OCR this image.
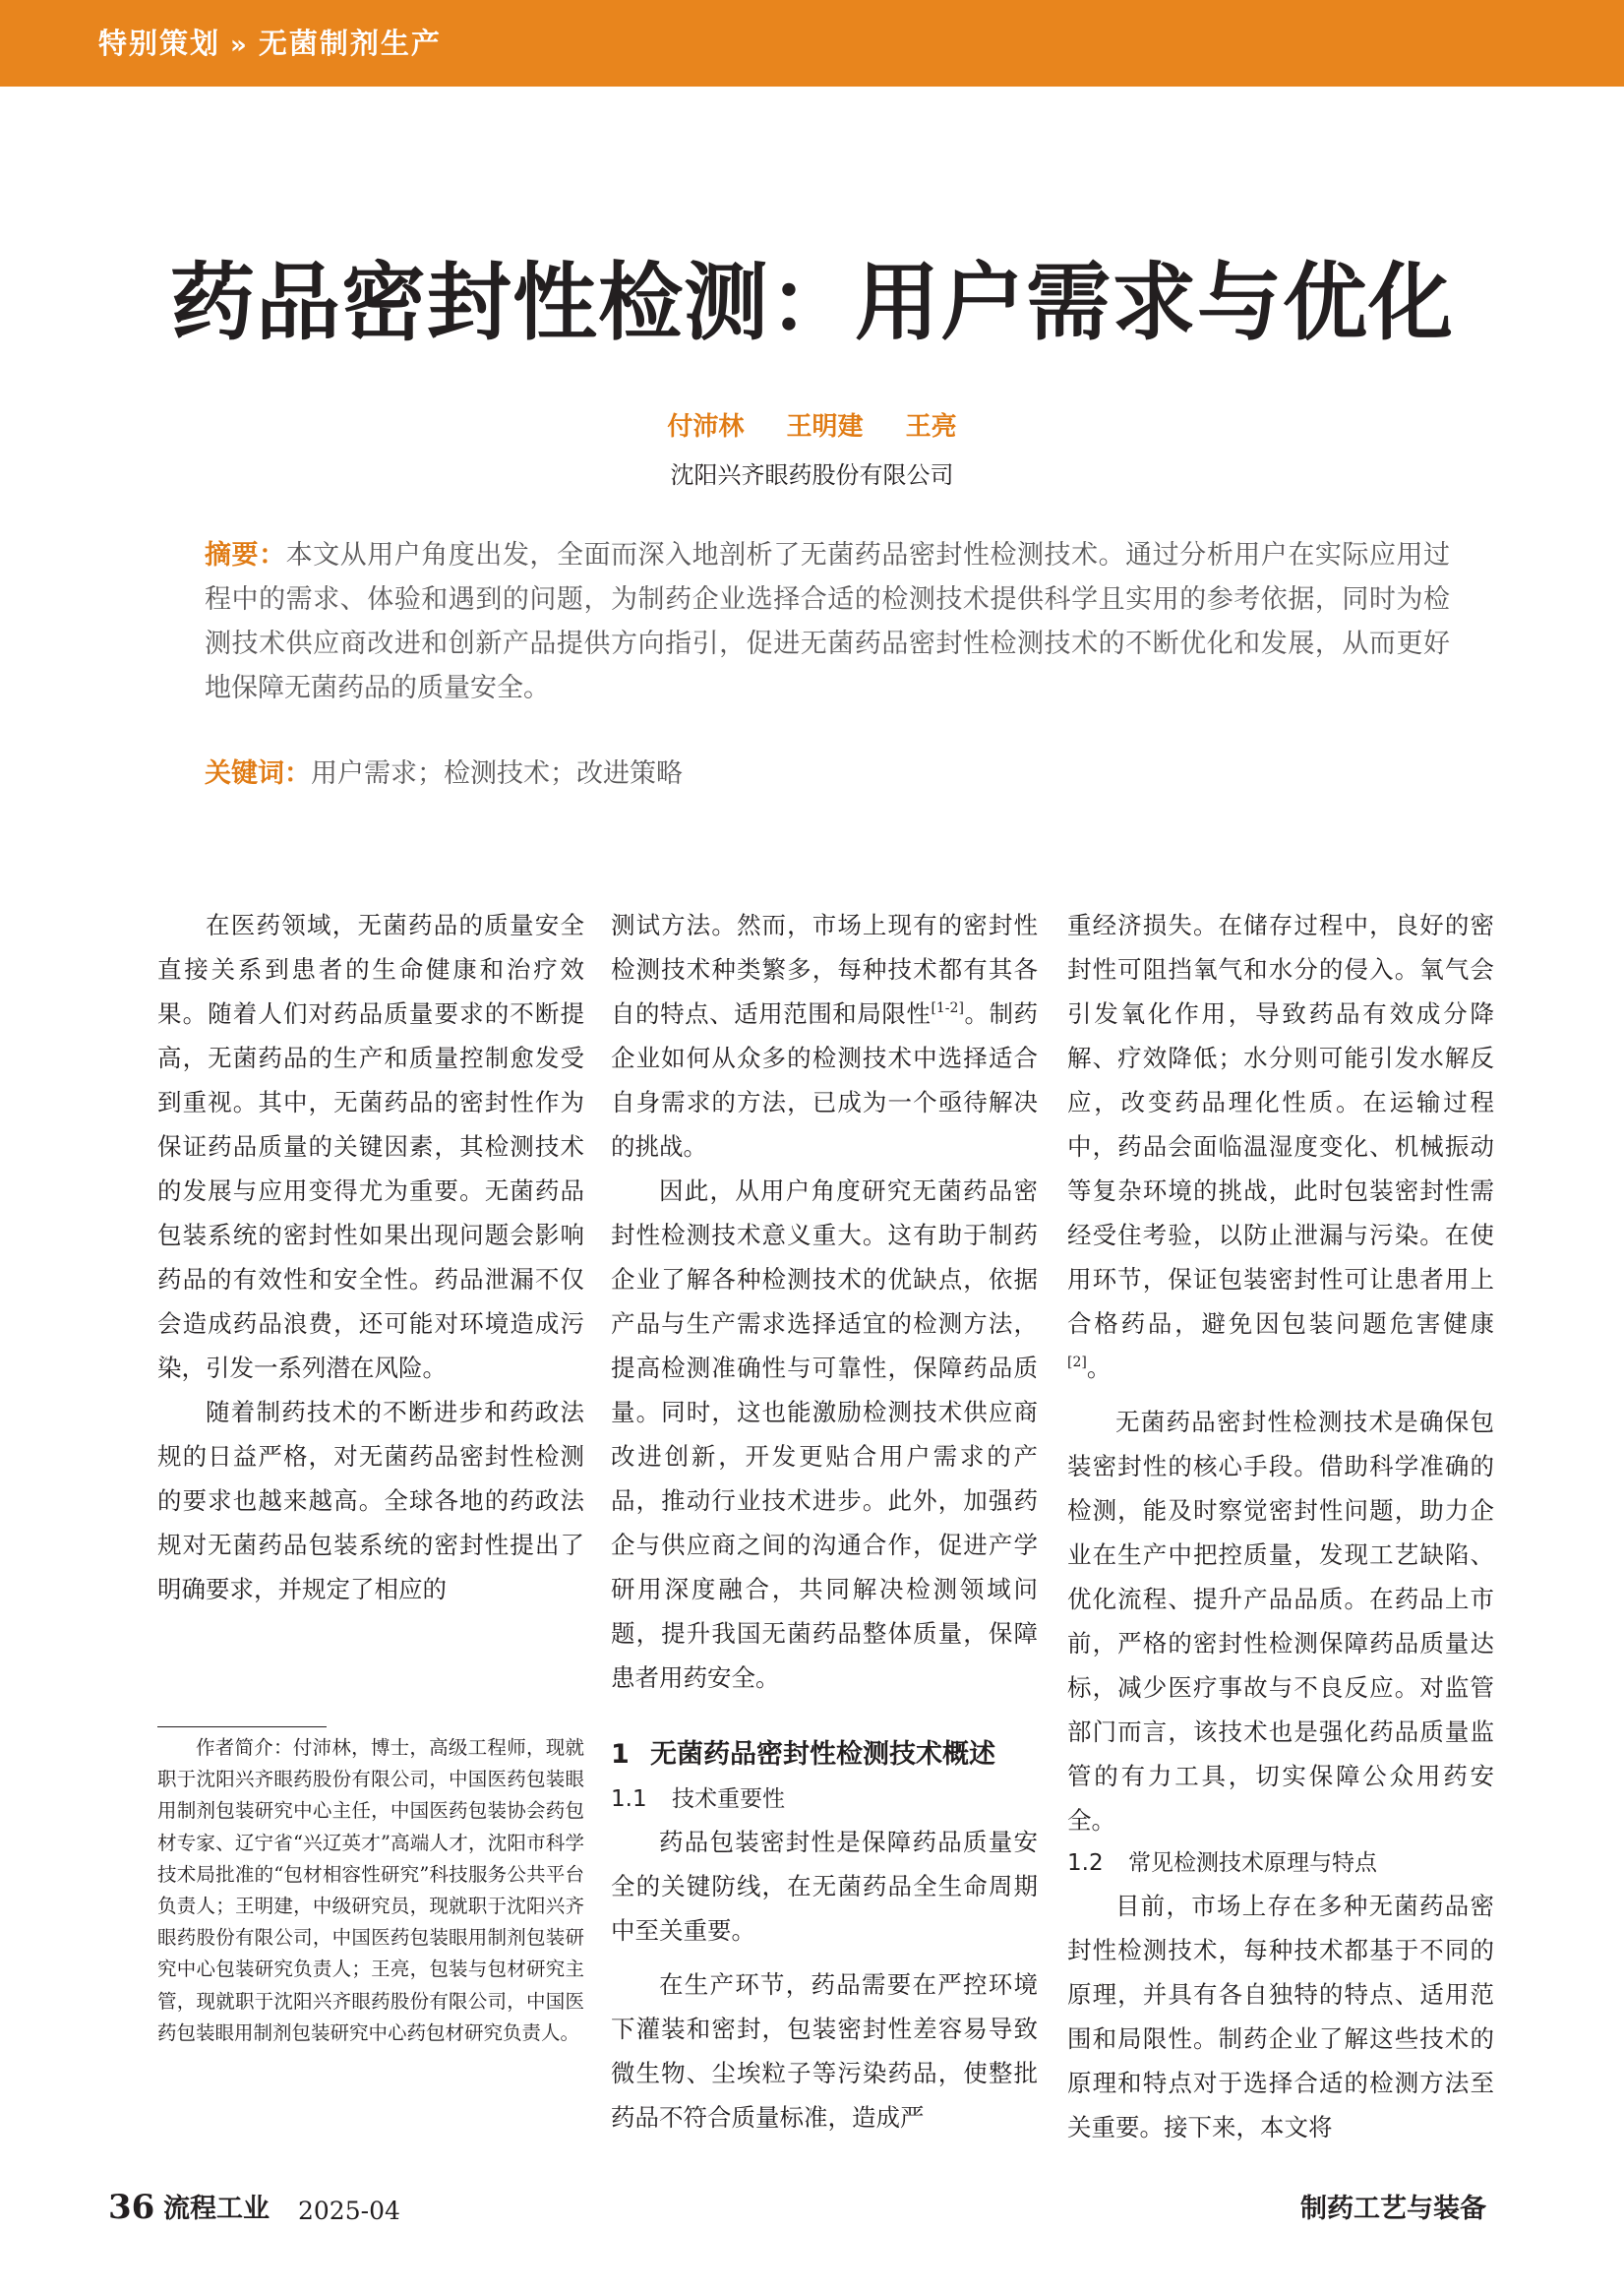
特别策划 » 无菌制剂生产
药品密封性检测：用户需求与优化
付沛林 王明建 王亮
沈阳兴齐眼药股份有限公司
摘要：本文从用户角度出发，全面而深入地剖析了无菌药品密封性检测技术。通过分析用户在实际应用过程中的需求、体验和遇到的问题，为制药企业选择合适的检测技术提供科学且实用的参考依据，同时为检测技术供应商改进和创新产品提供方向指引，促进无菌药品密封性检测技术的不断优化和发展，从而更好地保障无菌药品的质量安全。
关键词：用户需求；检测技术；改进策略

在医药领域，无菌药品的质量安全直接关系到患者的生命健康和治疗效果。随着人们对药品质量要求的不断提高，无菌药品的生产和质量控制愈发受到重视。其中，无菌药品的密封性作为保证药品质量的关键因素，其检测技术的发展与应用变得尤为重要。无菌药品包装系统的密封性如果出现问题会影响药品的有效性和安全性。药品泄漏不仅会造成药品浪费，还可能对环境造成污染，引发一系列潜在风险。

随着制药技术的不断进步和药政法规的日益严格，对无菌药品密封性检测的要求也越来越高。全球各地的药政法规对无菌药品包装系统的密封性提出了明确要求，并规定了相应的

作者简介：付沛林，博士，高级工程师，现就职于沈阳兴齐眼药股份有限公司，中国医药包装眼用制剂包装研究中心主任，中国医药包装协会药包材专家、辽宁省“兴辽英才”高端人才，沈阳市科学技术局批准的“包材相容性研究”科技服务公共平台负责人；王明建，中级研究员，现就职于沈阳兴齐眼药股份有限公司，中国医药包装眼用制剂包装研究中心包装研究负责人；王亮，包装与包材研究主管，现就职于沈阳兴齐眼药股份有限公司，中国医药包装眼用制剂包装研究中心药包材研究负责人。

测试方法。然而，市场上现有的密封性检测技术种类繁多，每种技术都有其各自的特点、适用范围和局限性[1-2]。制药企业如何从众多的检测技术中选择适合自身需求的方法，已成为一个亟待解决的挑战。

因此，从用户角度研究无菌药品密封性检测技术意义重大。这有助于制药企业了解各种检测技术的优缺点，依据产品与生产需求选择适宜的检测方法，提高检测准确性与可靠性，保障药品质量。同时，这也能激励检测技术供应商改进创新，开发更贴合用户需求的产品，推动行业技术进步。此外，加强药企与供应商之间的沟通合作，促进产学研用深度融合，共同解决检测领域问题，提升我国无菌药品整体质量，保障患者用药安全。

1 无菌药品密封性检测技术概述

1.1 技术重要性

药品包装密封性是保障药品质量安全的关键防线，在无菌药品全生命周期中至关重要。

在生产环节，药品需要在严控环境下灌装和密封，包装密封性差容易导致微生物、尘埃粒子等污染药品，使整批药品不符合质量标准，造成严

重经济损失。在储存过程中，良好的密封性可阻挡氧气和水分的侵入。氧气会引发氧化作用，导致药品有效成分降解、疗效降低；水分则可能引发水解反应，改变药品理化性质。在运输过程中，药品会面临温湿度变化、机械振动等复杂环境的挑战，此时包装密封性需经受住考验，以防止泄漏与污染。在使用环节，保证包装密封性可让患者用上合格药品，避免因包装问题危害健康[2]。

无菌药品密封性检测技术是确保包装密封性的核心手段。借助科学准确的检测，能及时察觉密封性问题，助力企业在生产中把控质量，发现工艺缺陷、优化流程、提升产品品质。在药品上市前，严格的密封性检测保障药品质量达标，减少医疗事故与不良反应。对监管部门而言，该技术也是强化药品质量监管的有力工具，切实保障公众用药安全。

1.2 常见检测技术原理与特点

目前，市场上存在多种无菌药品密封性检测技术，每种技术都基于不同的原理，并具有各自独特的特点、适用范围和局限性。制药企业了解这些技术的原理和特点对于选择合适的检测方法至关重要。接下来，本文将

36 流程工业 2025-04	制药工艺与装备
